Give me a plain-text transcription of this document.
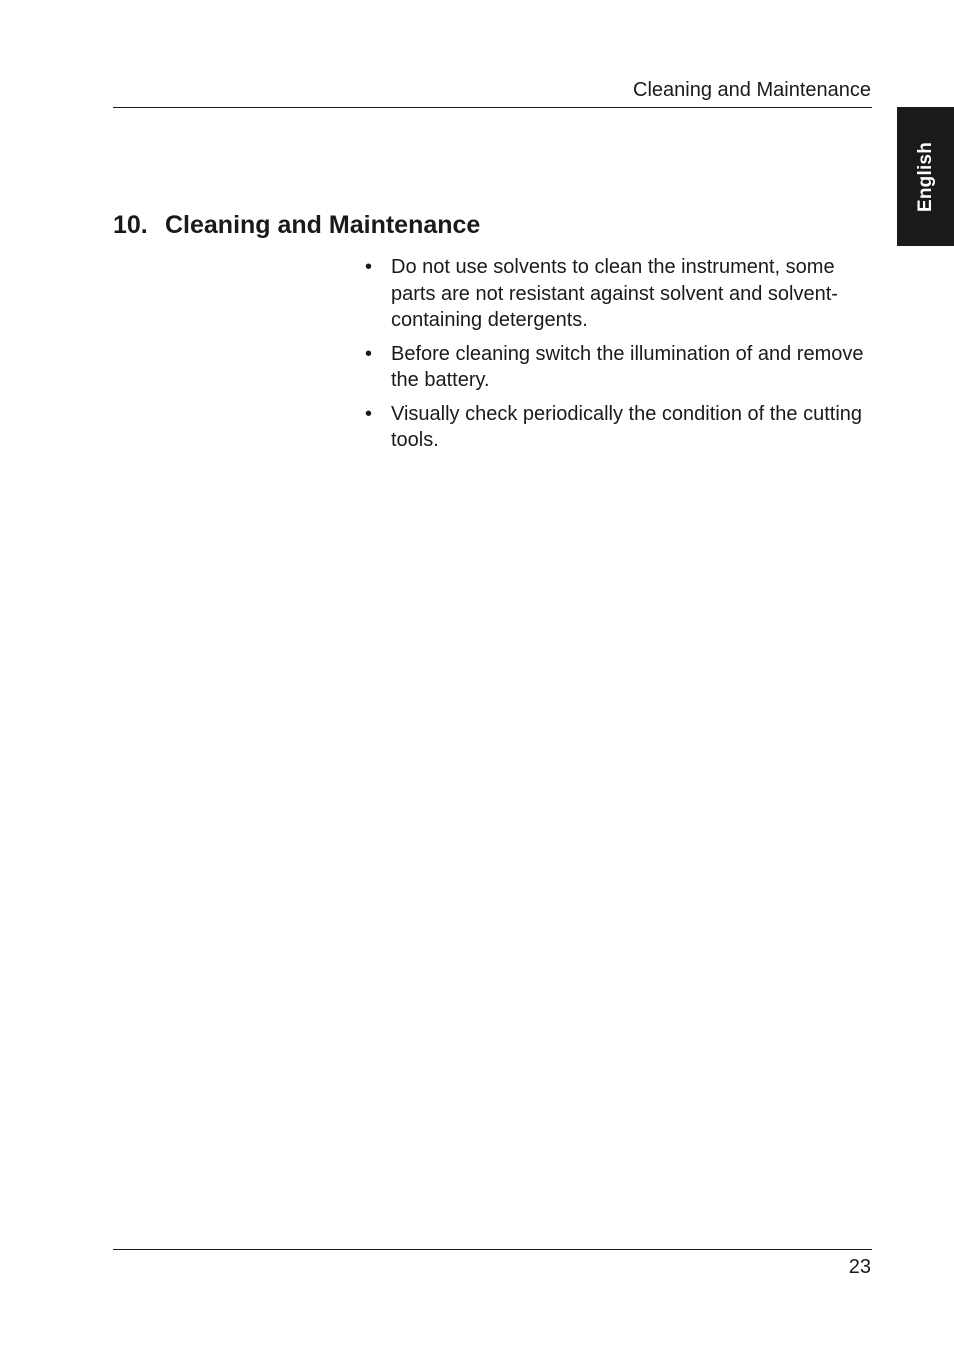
Cleaning and Maintenance
English
10. Cleaning and Maintenance
• Do not use solvents to clean the instrument, some parts are not resistant against solvent and solvent-containing detergents.
• Before cleaning switch the illumination of and remove the battery.
• Visually check periodically the condition of the cutting tools.
23
